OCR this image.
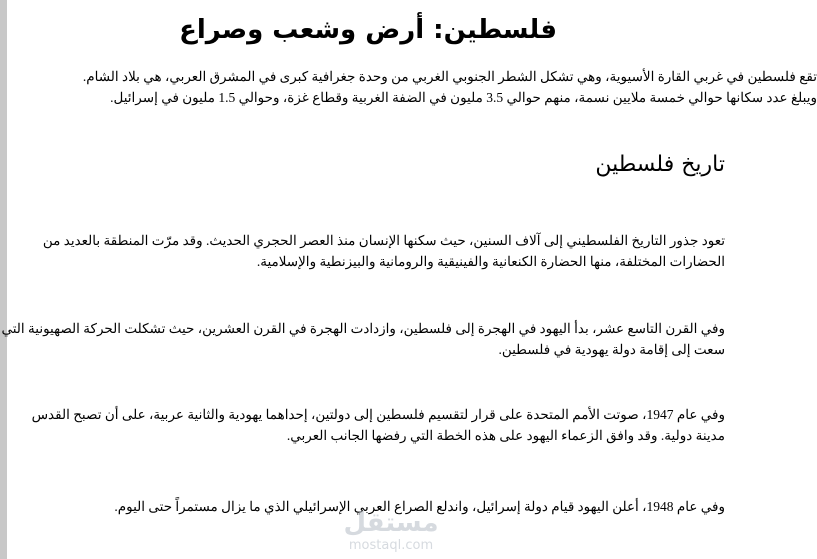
فلسطين: أرض وشعب وصراع

تقع فلسطين في غربي القارة الأسيوية، وهي تشكل الشطر الجنوبي الغربي من وحدة جغرافية كبرى في المشرق العربي، هي بلاد الشام.
ويبلغ عدد سكانها حوالي خمسة ملايين نسمة، منهم حوالي 3.5 مليون في الضفة الغربية وقطاع غزة، وحوالي 1.5 مليون في إسرائيل.

تاريخ فلسطين

تعود جذور التاريخ الفلسطيني إلى آلاف السنين، حيث سكنها الإنسان منذ العصر الحجري الحديث. وقد مرّت المنطقة بالعديد من
الحضارات المختلفة، منها الحضارة الكنعانية والفينيقية والرومانية والبيزنطية والإسلامية.

وفي القرن التاسع عشر، بدأ اليهود في الهجرة إلى فلسطين، وازدادت الهجرة في القرن العشرين، حيث تشكلت الحركة الصهيونية التي
سعت إلى إقامة دولة يهودية في فلسطين.

وفي عام 1947، صوتت الأمم المتحدة على قرار لتقسيم فلسطين إلى دولتين، إحداهما يهودية والثانية عربية، على أن تصبح القدس
مدينة دولية. وقد وافق الزعماء اليهود على هذه الخطة التي رفضها الجانب العربي.

وفي عام 1948، أعلن اليهود قيام دولة إسرائيل، واندلع الصراع العربي الإسرائيلي الذي ما يزال مستمراً حتى اليوم.

مستقل
mostaql.com
